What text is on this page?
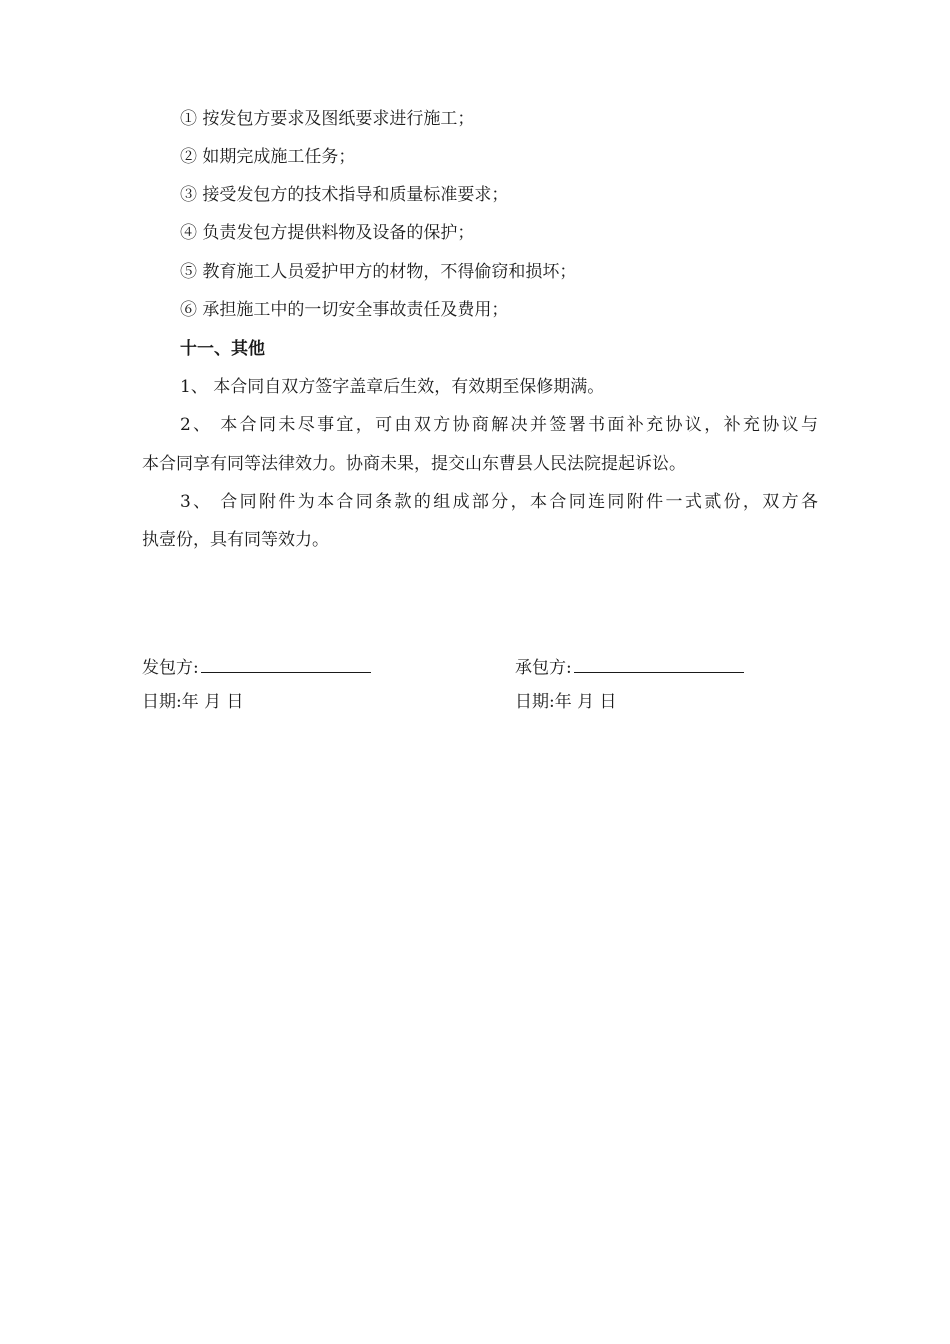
① 按发包方要求及图纸要求进行施工；
② 如期完成施工任务；
③ 接受发包方的技术指导和质量标准要求；
④ 负责发包方提供料物及设备的保护；
⑤ 教育施工人员爱护甲方的材物，不得偷窃和损坏；
⑥ 承担施工中的一切安全事故责任及费用；
十一、其他
1、 本合同自双方签字盖章后生效，有效期至保修期满。
2、 本合同未尽事宜，可由双方协商解决并签署书面补充协议，补充协议与
本合同享有同等法律效力。协商未果，提交山东曹县人民法院提起诉讼。
3、 合同附件为本合同条款的组成部分，本合同连同附件一式贰份，双方各
执壹份，具有同等效力。
发包方:	承包方:
日期:年 月 日	日期:年 月 日
